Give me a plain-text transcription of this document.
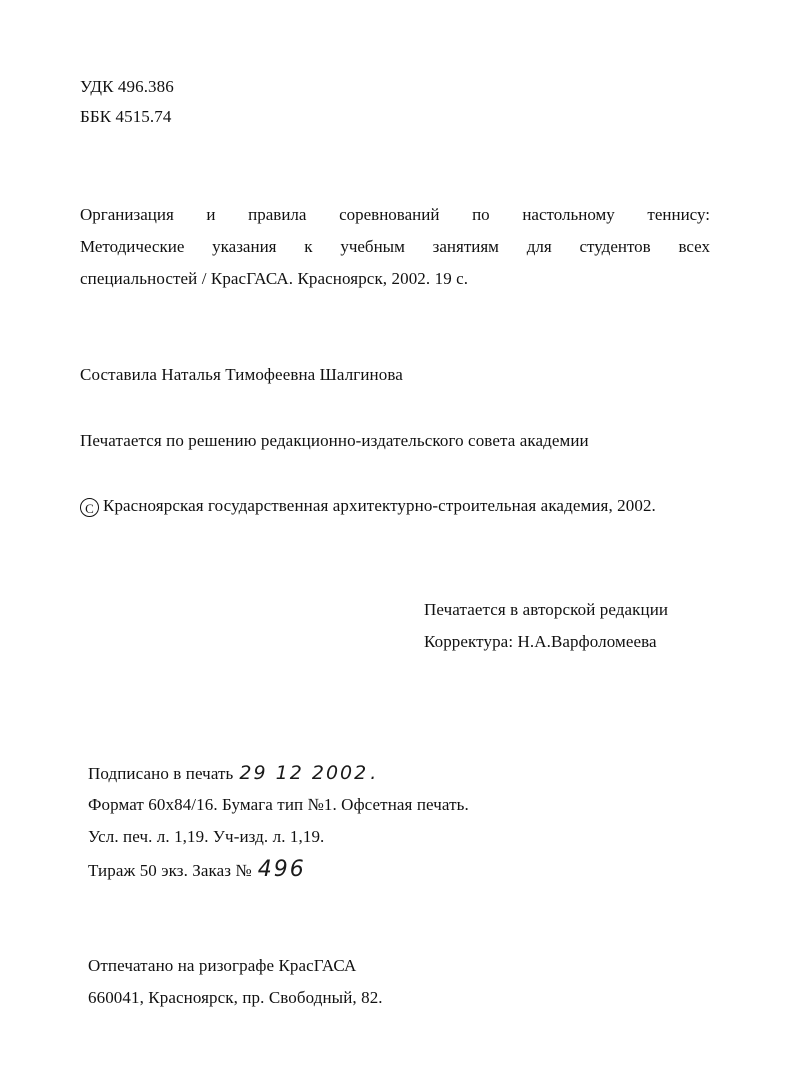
УДК 496.386
ББК 4515.74
Организация и правила соревнований по настольному теннису:
Методические указания к учебным занятиям для студентов всех
специальностей / КрасГАСА. Красноярск, 2002. 19 с.
Составила Наталья Тимофеевна Шалгинова
Печатается по решению редакционно-издательского совета академии
C Красноярская государственная архитектурно-строительная академия, 2002.
Печатается в авторской редакции
Корректура: Н.А.Варфоломеева
Подписано в печать 29 12 2002 .
Формат 60х84/16. Бумага тип №1. Офсетная печать.
Усл. печ. л. 1,19. Уч-изд. л. 1,19.
Тираж 50 экз. Заказ № 496
Отпечатано на ризографе КрасГАСА
660041, Красноярск, пр. Свободный, 82.
